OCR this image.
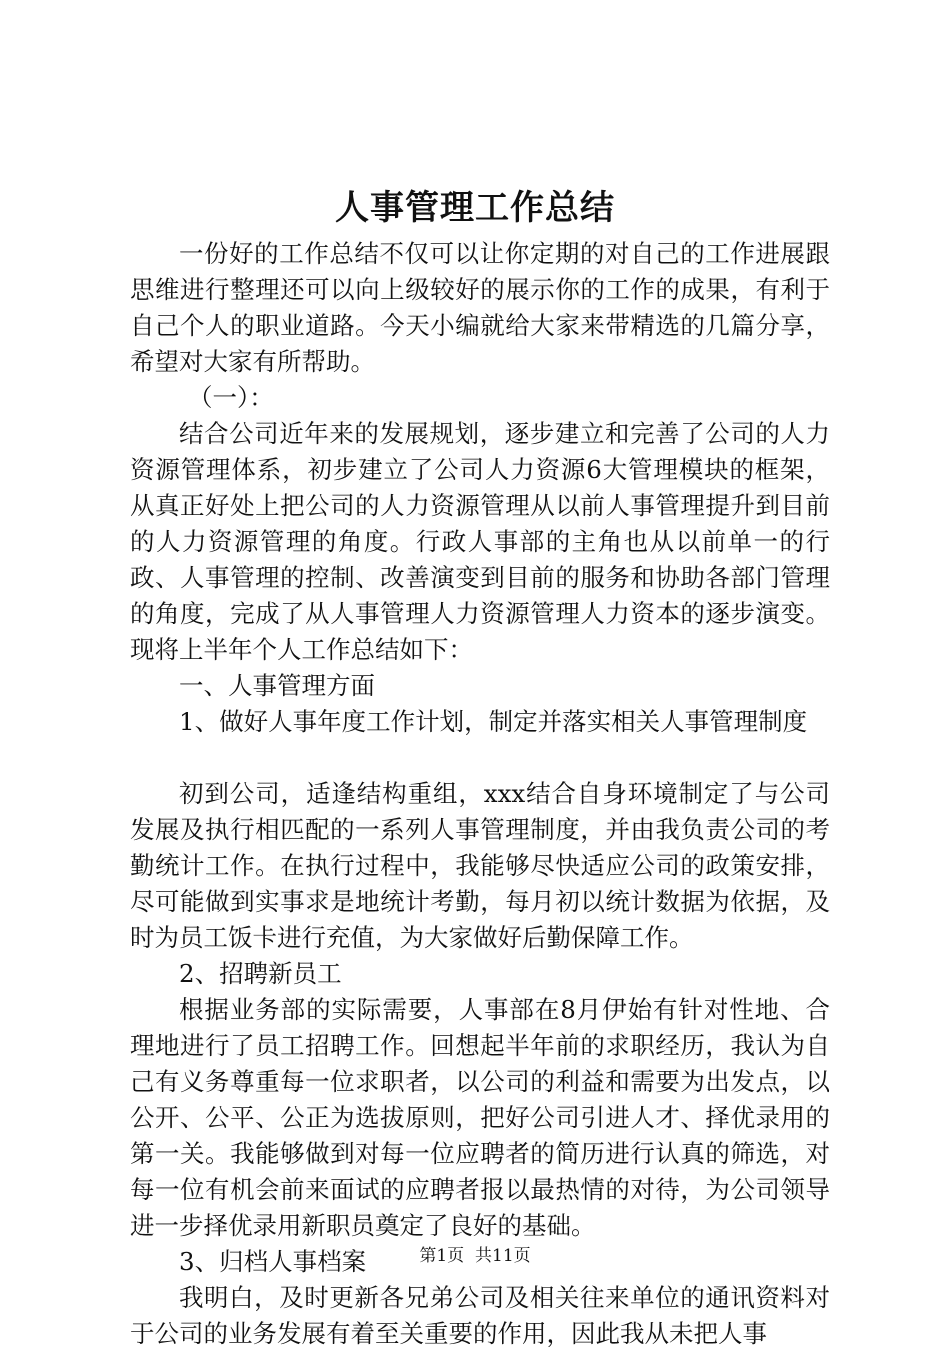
人事管理工作总结

一份好的工作总结不仅可以让你定期的对自己的工作进展跟思维进行整理还可以向上级较好的展示你的工作的成果，有利于自己个人的职业道路。今天小编就给大家来带精选的几篇分享，希望对大家有所帮助。

（一）：

结合公司近年来的发展规划，逐步建立和完善了公司的人力资源管理体系，初步建立了公司人力资源6大管理模块的框架，从真正好处上把公司的人力资源管理从以前人事管理提升到目前的人力资源管理的角度。行政人事部的主角也从以前单一的行政、人事管理的控制、改善演变到目前的服务和协助各部门管理的角度，完成了从人事管理人力资源管理人力资本的逐步演变。现将上半年个人工作总结如下：

一、人事管理方面

1、做好人事年度工作计划，制定并落实相关人事管理制度

初到公司，适逢结构重组，xxx结合自身环境制定了与公司发展及执行相匹配的一系列人事管理制度，并由我负责公司的考勤统计工作。在执行过程中，我能够尽快适应公司的政策安排，尽可能做到实事求是地统计考勤，每月初以统计数据为依据，及时为员工饭卡进行充值，为大家做好后勤保障工作。

2、招聘新员工

根据业务部的实际需要，人事部在8月伊始有针对性地、合理地进行了员工招聘工作。回想起半年前的求职经历，我认为自己有义务尊重每一位求职者，以公司的利益和需要为出发点，以公开、公平、公正为选拔原则，把好公司引进人才、择优录用的第一关。我能够做到对每一位应聘者的简历进行认真的筛选，对每一位有机会前来面试的应聘者报以最热情的对待，为公司领导进一步择优录用新职员奠定了良好的基础。

3、归档人事档案

我明白，及时更新各兄弟公司及相关往来单位的通讯资料对于公司的业务发展有着至关重要的作用，因此我从未把人事

第1页 共11页
